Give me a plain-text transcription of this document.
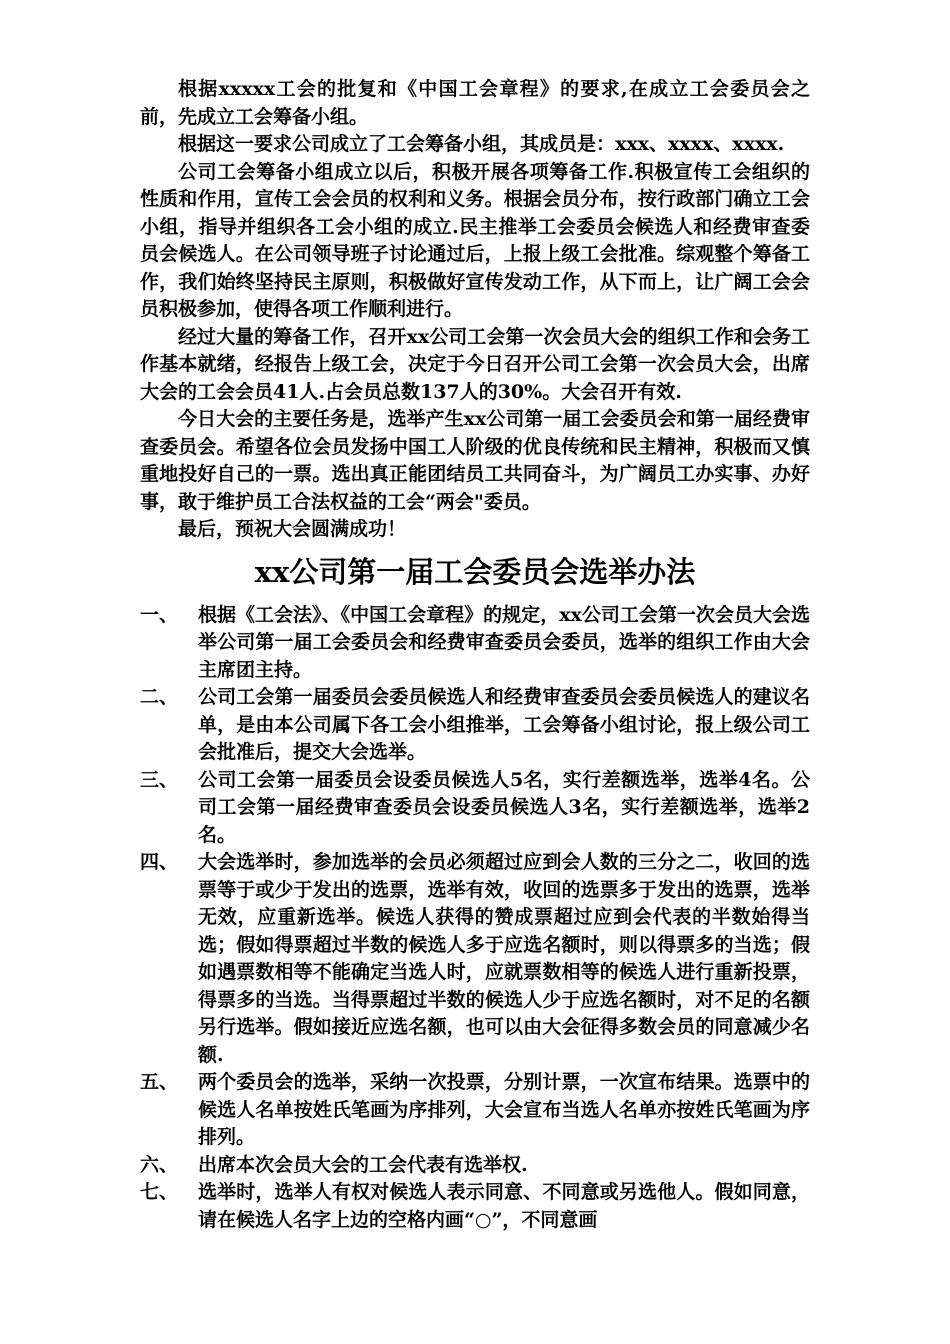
根据xxxxx工会的批复和《中国工会章程》的要求,在成立工会委员会之前，先成立工会筹备小组。

根据这一要求公司成立了工会筹备小组，其成员是：xxx、xxxx、xxxx.

公司工会筹备小组成立以后，积极开展各项筹备工作.积极宣传工会组织的性质和作用，宣传工会会员的权利和义务。根据会员分布，按行政部门确立工会小组，指导并组织各工会小组的成立.民主推举工会委员会候选人和经费审查委员会候选人。在公司领导班子讨论通过后，上报上级工会批准。综观整个筹备工作，我们始终坚持民主原则，积极做好宣传发动工作，从下而上，让广阔工会会员积极参加，使得各项工作顺利进行。

经过大量的筹备工作，召开xx公司工会第一次会员大会的组织工作和会务工作基本就绪，经报告上级工会，决定于今日召开公司工会第一次会员大会，出席大会的工会会员41人.占会员总数137人的30%。大会召开有效.

今日大会的主要任务是，选举产生xx公司第一届工会委员会和第一届经费审查委员会。希望各位会员发扬中国工人阶级的优良传统和民主精神，积极而又慎重地投好自己的一票。选出真正能团结员工共同奋斗，为广阔员工办实事、办好事，敢于维护员工合法权益的工会“两会"委员。

最后，预祝大会圆满成功！

xx公司第一届工会委员会选举办法
一、	根据《工会法》、《中国工会章程》的规定，xx公司工会第一次会员大会选举公司第一届工会委员会和经费审查委员会委员，选举的组织工作由大会主席团主持。
二、	公司工会第一届委员会委员候选人和经费审查委员会委员候选人的建议名单，是由本公司属下各工会小组推举，工会筹备小组讨论，报上级公司工会批准后，提交大会选举。
三、	公司工会第一届委员会设委员候选人5名，实行差额选举，选举4名。公司工会第一届经费审查委员会设委员候选人3名，实行差额选举，选举2名。
四、	大会选举时，参加选举的会员必须超过应到会人数的三分之二，收回的选票等于或少于发出的选票，选举有效，收回的选票多于发出的选票，选举无效，应重新选举。候选人获得的赞成票超过应到会代表的半数始得当选；假如得票超过半数的候选人多于应选名额时，则以得票多的当选；假如遇票数相等不能确定当选人时，应就票数相等的候选人进行重新投票，得票多的当选。当得票超过半数的候选人少于应选名额时，对不足的名额另行选举。假如接近应选名额，也可以由大会征得多数会员的同意减少名额.
五、	两个委员会的选举，采纳一次投票，分别计票，一次宣布结果。选票中的候选人名单按姓氏笔画为序排列，大会宣布当选人名单亦按姓氏笔画为序排列。
六、	出席本次会员大会的工会代表有选举权.
七、	选举时，选举人有权对候选人表示同意、不同意或另选他人。假如同意，请在候选人名字上边的空格内画“○”，不同意画
